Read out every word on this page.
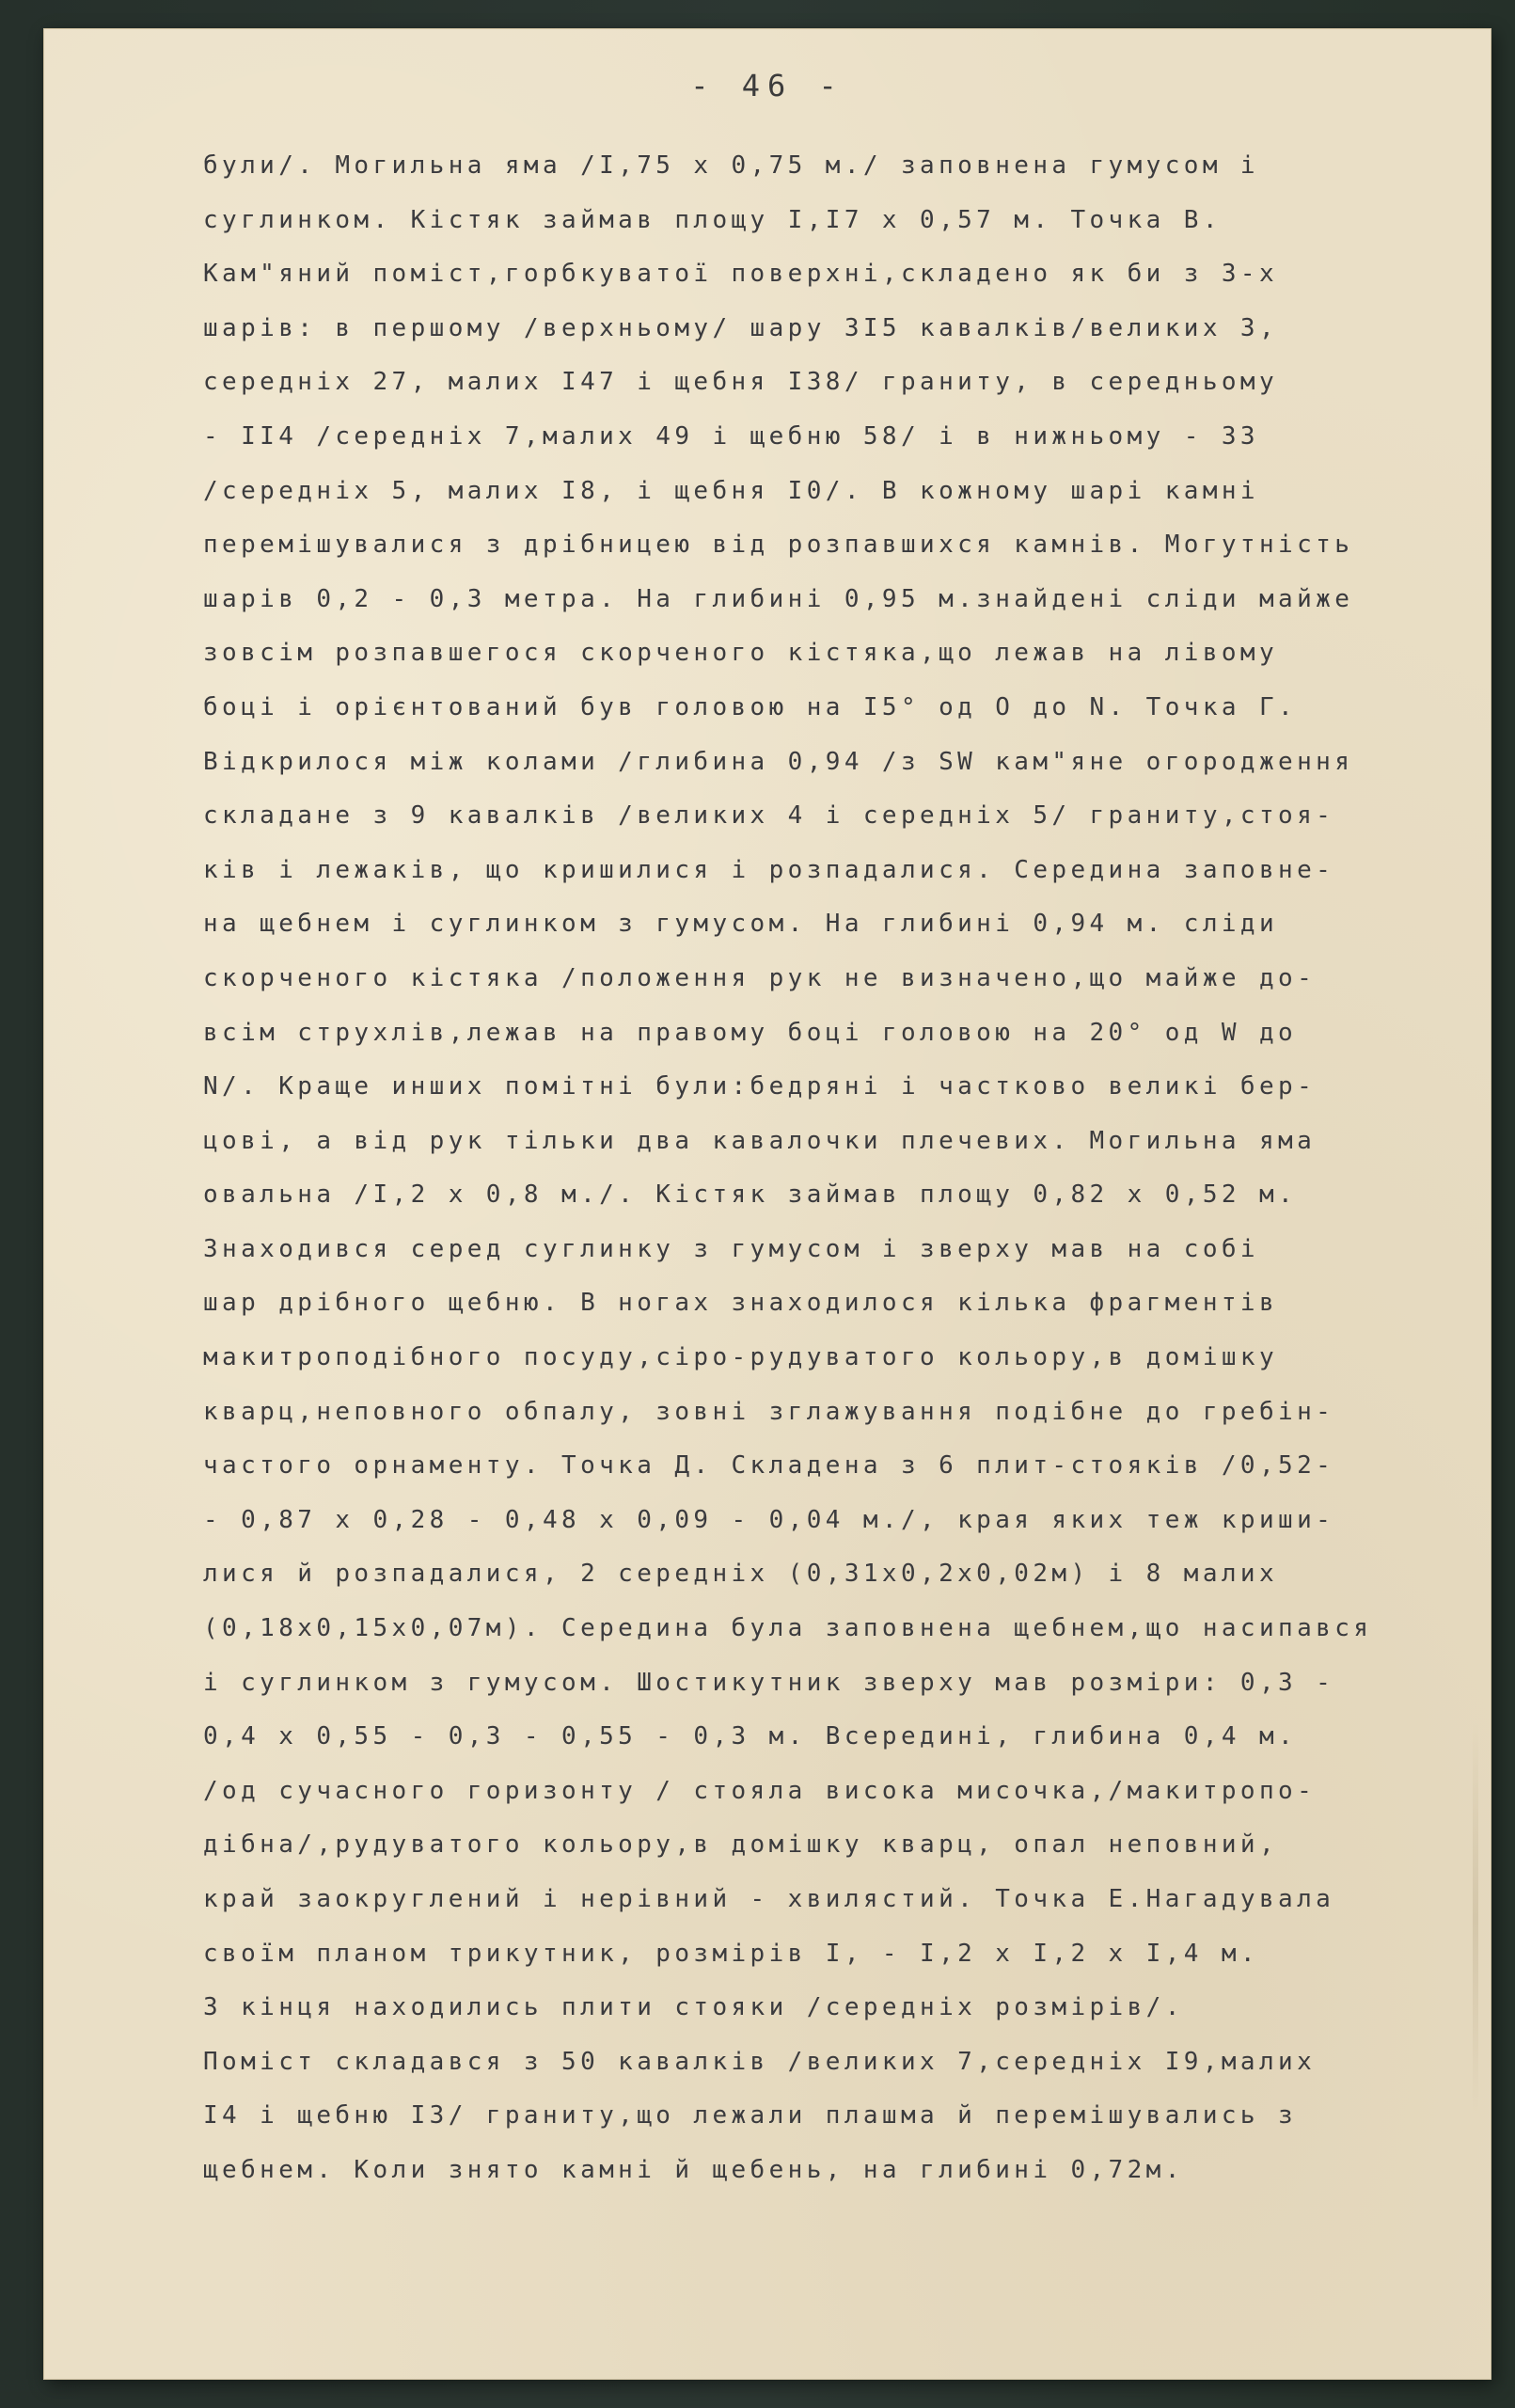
- 46 -
були/. Могильна яма /I,75 x 0,75 м./ заповнена гумусом і
суглинком. Кістяк займав площу I,I7 x 0,57 м. Точка В.
Кам"яний поміст,горбкуватої поверхні,складено як би з 3-х
шарів: в першому /верхньому/ шару 3I5 кавалків/великих 3,
середніх 27, малих I47 і щебня I38/ граниту, в середньому
- II4 /середніх 7,малих 49 і щебню 58/ і в нижньому - 33
/середніх 5, малих I8, і щебня I0/. В кожному шарі камні
перемішувалися з дрібницею від розпавшихся камнів. Могутність
шарів 0,2 - 0,3 метра. На глибині 0,95 м.знайдені сліди майже
зовсім розпавшегося скорченого кістяка,що лежав на лівому
боці і орієнтований був головою на I5° од O до N. Точка Г.
Відкрилося між колами /глибина 0,94 /з SW кам"яне огородження
складане з 9 кавалків /великих 4 і середніх 5/ граниту,стоя-
ків і лежаків, що кришилися і розпадалися. Середина заповне-
на щебнем і суглинком з гумусом. На глибині 0,94 м. сліди
скорченого кістяка /положення рук не визначено,що майже до-
всім струхлів,лежав на правому боці головою на 20° од W до
N/. Краще инших помітні були:бедряні і частково великі бер-
цові, а від рук тільки два кавалочки плечевих. Могильна яма
овальна /I,2 x 0,8 м./. Кістяк займав площу 0,82 x 0,52 м.
Знаходився серед суглинку з гумусом і зверху мав на собі
шар дрібного щебню. В ногах знаходилося кілька фрагментів
макитроподібного посуду,сіро-рудуватого кольору,в домішку
кварц,неповного обпалу, зовні зглажування подібне до гребін-
частого орнаменту. Точка Д. Складена з 6 плит-стояків /0,52-
- 0,87 x 0,28 - 0,48 x 0,09 - 0,04 м./, края яких теж криши-
лися й розпадалися, 2 середніх (0,31x0,2x0,02м) і 8 малих
(0,18x0,15x0,07м). Середина була заповнена щебнем,що насипався
і суглинком з гумусом. Шостикутник зверху мав розміри: 0,3 -
0,4 x 0,55 - 0,3 - 0,55 - 0,3 м. Всередині, глибина 0,4 м.
/од сучасного горизонту / стояла висока мисочка,/макитропо-
дібна/,рудуватого кольору,в домішку кварц, опал неповний,
край заокруглений і нерівний - хвилястий. Точка Е.Нагадувала
своїм планом трикутник, розмірів I, - I,2 x I,2 x I,4 м.
З кінця находились плити стояки /середніх розмірів/.
Поміст складався з 50 кавалків /великих 7,середніх I9,малих
I4 і щебню I3/ граниту,що лежали плашма й перемішувались з
щебнем. Коли знято камні й щебень, на глибині 0,72м.
